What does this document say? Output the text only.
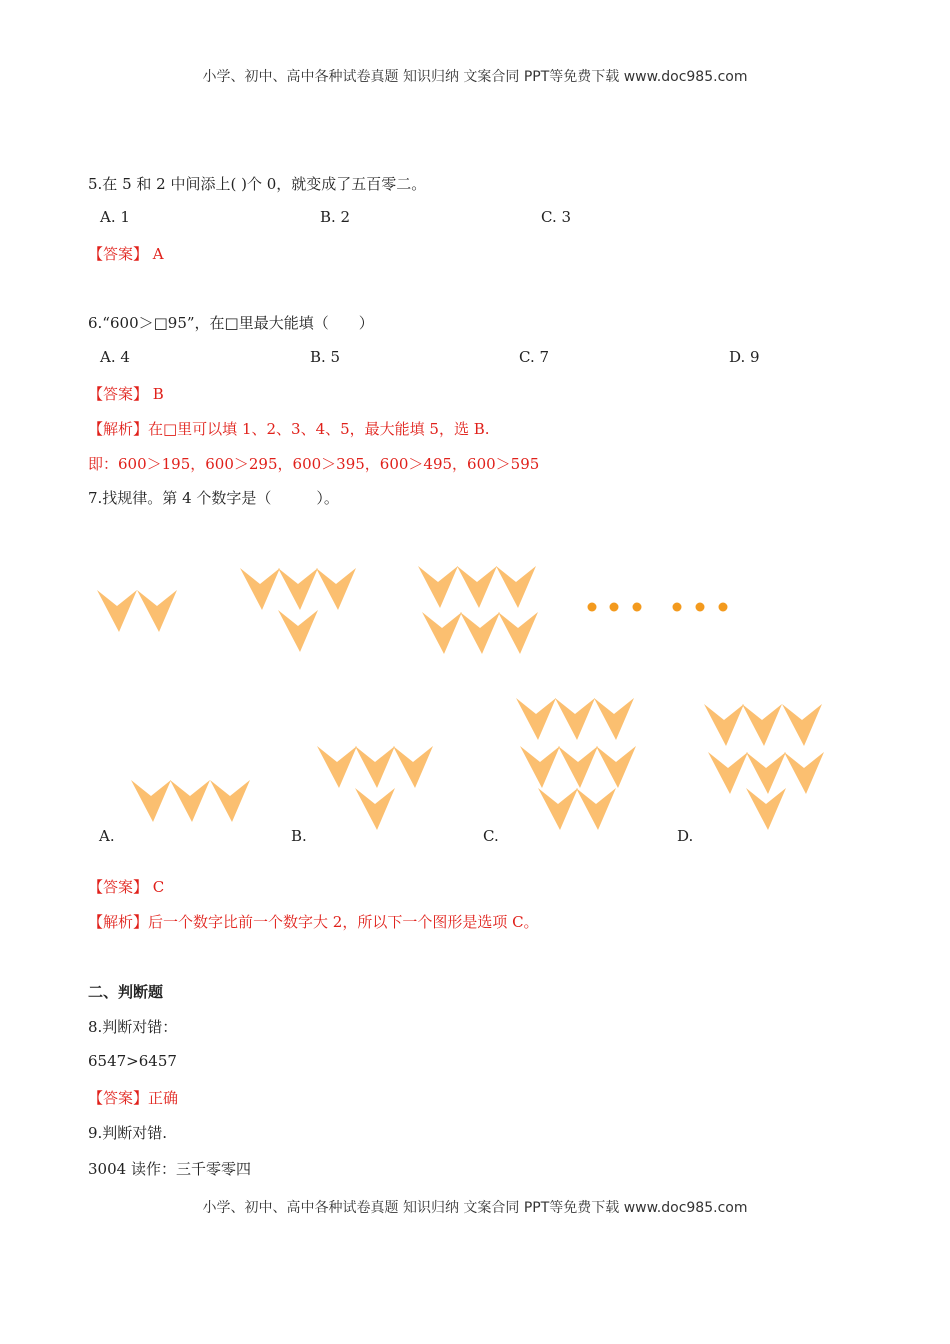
小学、初中、高中各种试卷真题 知识归纳 文案合同 PPT等免费下载 www.doc985.com
5.在 5 和 2 中间添上( )个 0，就变成了五百零二。
A. 1	B. 2	C. 3
【答案】 A
6.“600＞□95”，在□里最大能填（　　）
A. 4	B. 5	C. 7	D. 9
【答案】 B
【解析】在□里可以填 1、2、3、4、5，最大能填 5，选 B.
即：600＞195，600＞295，600＞395，600＞495，600＞595
7.找规律。第 4 个数字是（　　　）。
A.	B.	C.	D.
【答案】 C
【解析】后一个数字比前一个数字大 2，所以下一个图形是选项 C。
二、判断题
8.判断对错：
6547>6457
【答案】正确
9.判断对错.
3004 读作：三千零零四
小学、初中、高中各种试卷真题 知识归纳 文案合同 PPT等免费下载 www.doc985.com
